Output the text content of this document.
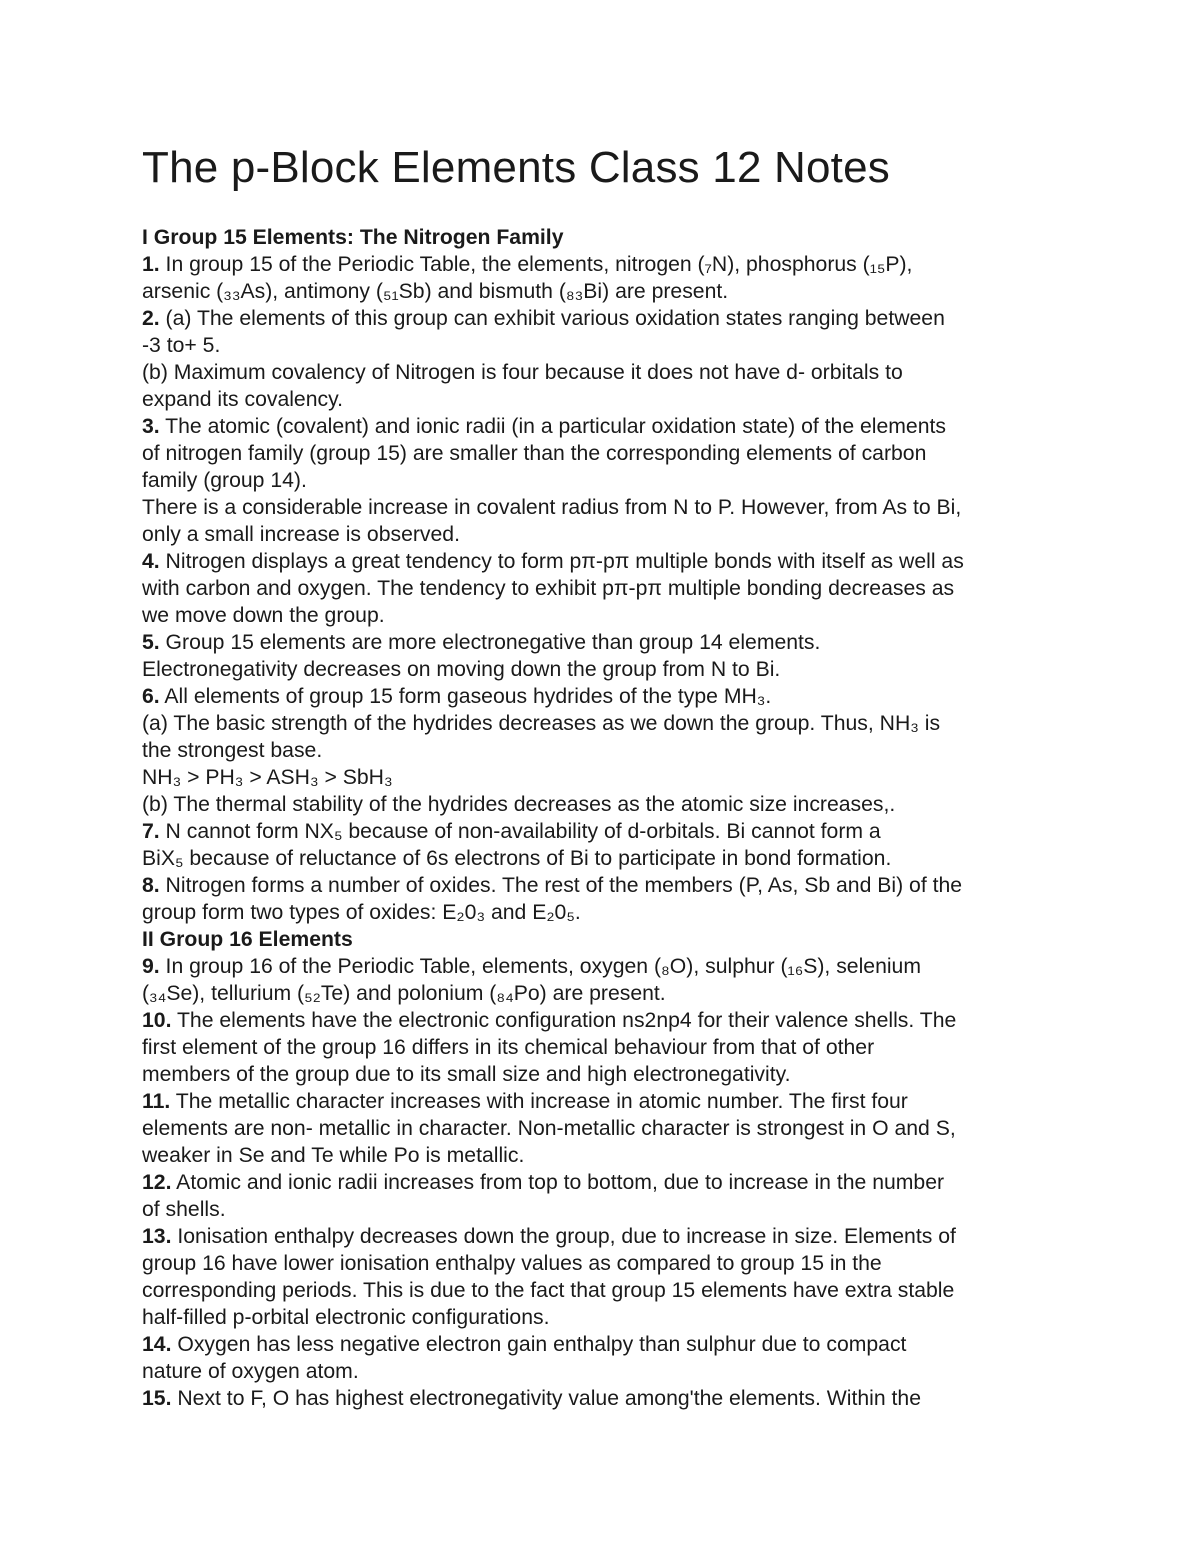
The p-Block Elements Class 12 Notes
I Group 15 Elements: The Nitrogen Family
1. In group 15 of the Periodic Table, the elements, nitrogen (₇N), phosphorus (₁₅P),
arsenic (₃₃As), antimony (₅₁Sb) and bismuth (₈₃Bi) are present.
2. (a) The elements of this group can exhibit various oxidation states ranging between
-3 to+ 5.
(b) Maximum covalency of Nitrogen is four because it does not have d- orbitals to
expand its covalency.
3. The atomic (covalent) and ionic radii (in a particular oxidation state) of the elements
of nitrogen family (group 15) are smaller than the corresponding elements of carbon
family (group 14).
There is a considerable increase in covalent radius from N to P. However, from As to Bi,
only a small increase is observed.
4. Nitrogen displays a great tendency to form pπ-pπ multiple bonds with itself as well as
with carbon and oxygen. The tendency to exhibit pπ-pπ multiple bonding decreases as
we move down the group.
5. Group 15 elements are more electronegative than group 14 elements.
Electronegativity decreases on moving down the group from N to Bi.
6. All elements of group 15 form gaseous hydrides of the type MH₃.
(a) The basic strength of the hydrides decreases as we down the group. Thus, NH₃ is
the strongest base.
NH₃ > PH₃ > ASH₃ > SbH₃
(b) The thermal stability of the hydrides decreases as the atomic size increases,.
7. N cannot form NX₅ because of non-availability of d-orbitals. Bi cannot form a
BiX₅ because of reluctance of 6s electrons of Bi to participate in bond formation.
8. Nitrogen forms a number of oxides. The rest of the members (P, As, Sb and Bi) of the
group form two types of oxides: E₂0₃ and E₂0₅.
II Group 16 Elements
9. In group 16 of the Periodic Table, elements, oxygen (₈O), sulphur (₁₆S), selenium
(₃₄Se), tellurium (₅₂Te) and polonium (₈₄Po) are present.
10. The elements have the electronic configuration ns2np4 for their valence shells. The
first element of the group 16 differs in its chemical behaviour from that of other
members of the group due to its small size and high electronegativity.
11. The metallic character increases with increase in atomic number. The first four
elements are non- metallic in character. Non-metallic character is strongest in O and S,
weaker in Se and Te while Po is metallic.
12. Atomic and ionic radii increases from top to bottom, due to increase in the number
of shells.
13. Ionisation enthalpy decreases down the group, due to increase in size. Elements of
group 16 have lower ionisation enthalpy values as compared to group 15 in the
corresponding periods. This is due to the fact that group 15 elements have extra stable
half-filled p-orbital electronic configurations.
14. Oxygen has less negative electron gain enthalpy than sulphur due to compact
nature of oxygen atom.
15. Next to F, O has highest electronegativity value among'the elements. Within the
